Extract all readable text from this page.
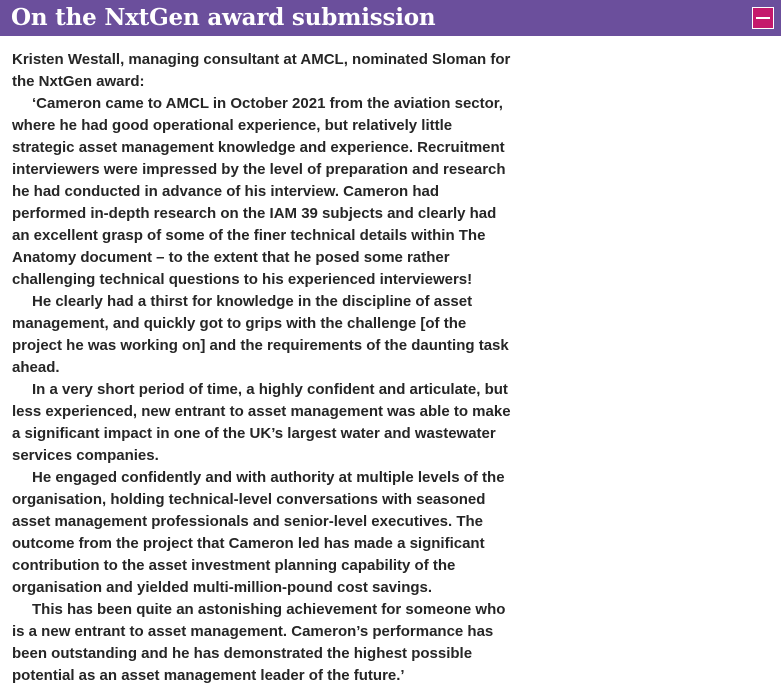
On the NxtGen award submission

Kristen Westall, managing consultant at AMCL, nominated Sloman for the NxtGen award:

‘Cameron came to AMCL in October 2021 from the aviation sector, where he had good operational experience, but relatively little strategic asset management knowledge and experience. Recruitment interviewers were impressed by the level of preparation and research he had conducted in advance of his interview. Cameron had performed in-depth research on the IAM 39 subjects and clearly had an excellent grasp of some of the finer technical details within The Anatomy document – to the extent that he posed some rather challenging technical questions to his experienced interviewers!

He clearly had a thirst for knowledge in the discipline of asset management, and quickly got to grips with the challenge [of the project he was working on] and the requirements of the daunting task ahead.

In a very short period of time, a highly confident and articulate, but less experienced, new entrant to asset management was able to make a significant impact in one of the UK’s largest water and wastewater services companies.

He engaged confidently and with authority at multiple levels of the organisation, holding technical-level conversations with seasoned asset management professionals and senior-level executives. The outcome from the project that Cameron led has made a significant contribution to the asset investment planning capability of the organisation and yielded multi-million-pound cost savings.

This has been quite an astonishing achievement for someone who is a new entrant to asset management. Cameron’s performance has been outstanding and he has demonstrated the highest possible potential as an asset management leader of the future.’
